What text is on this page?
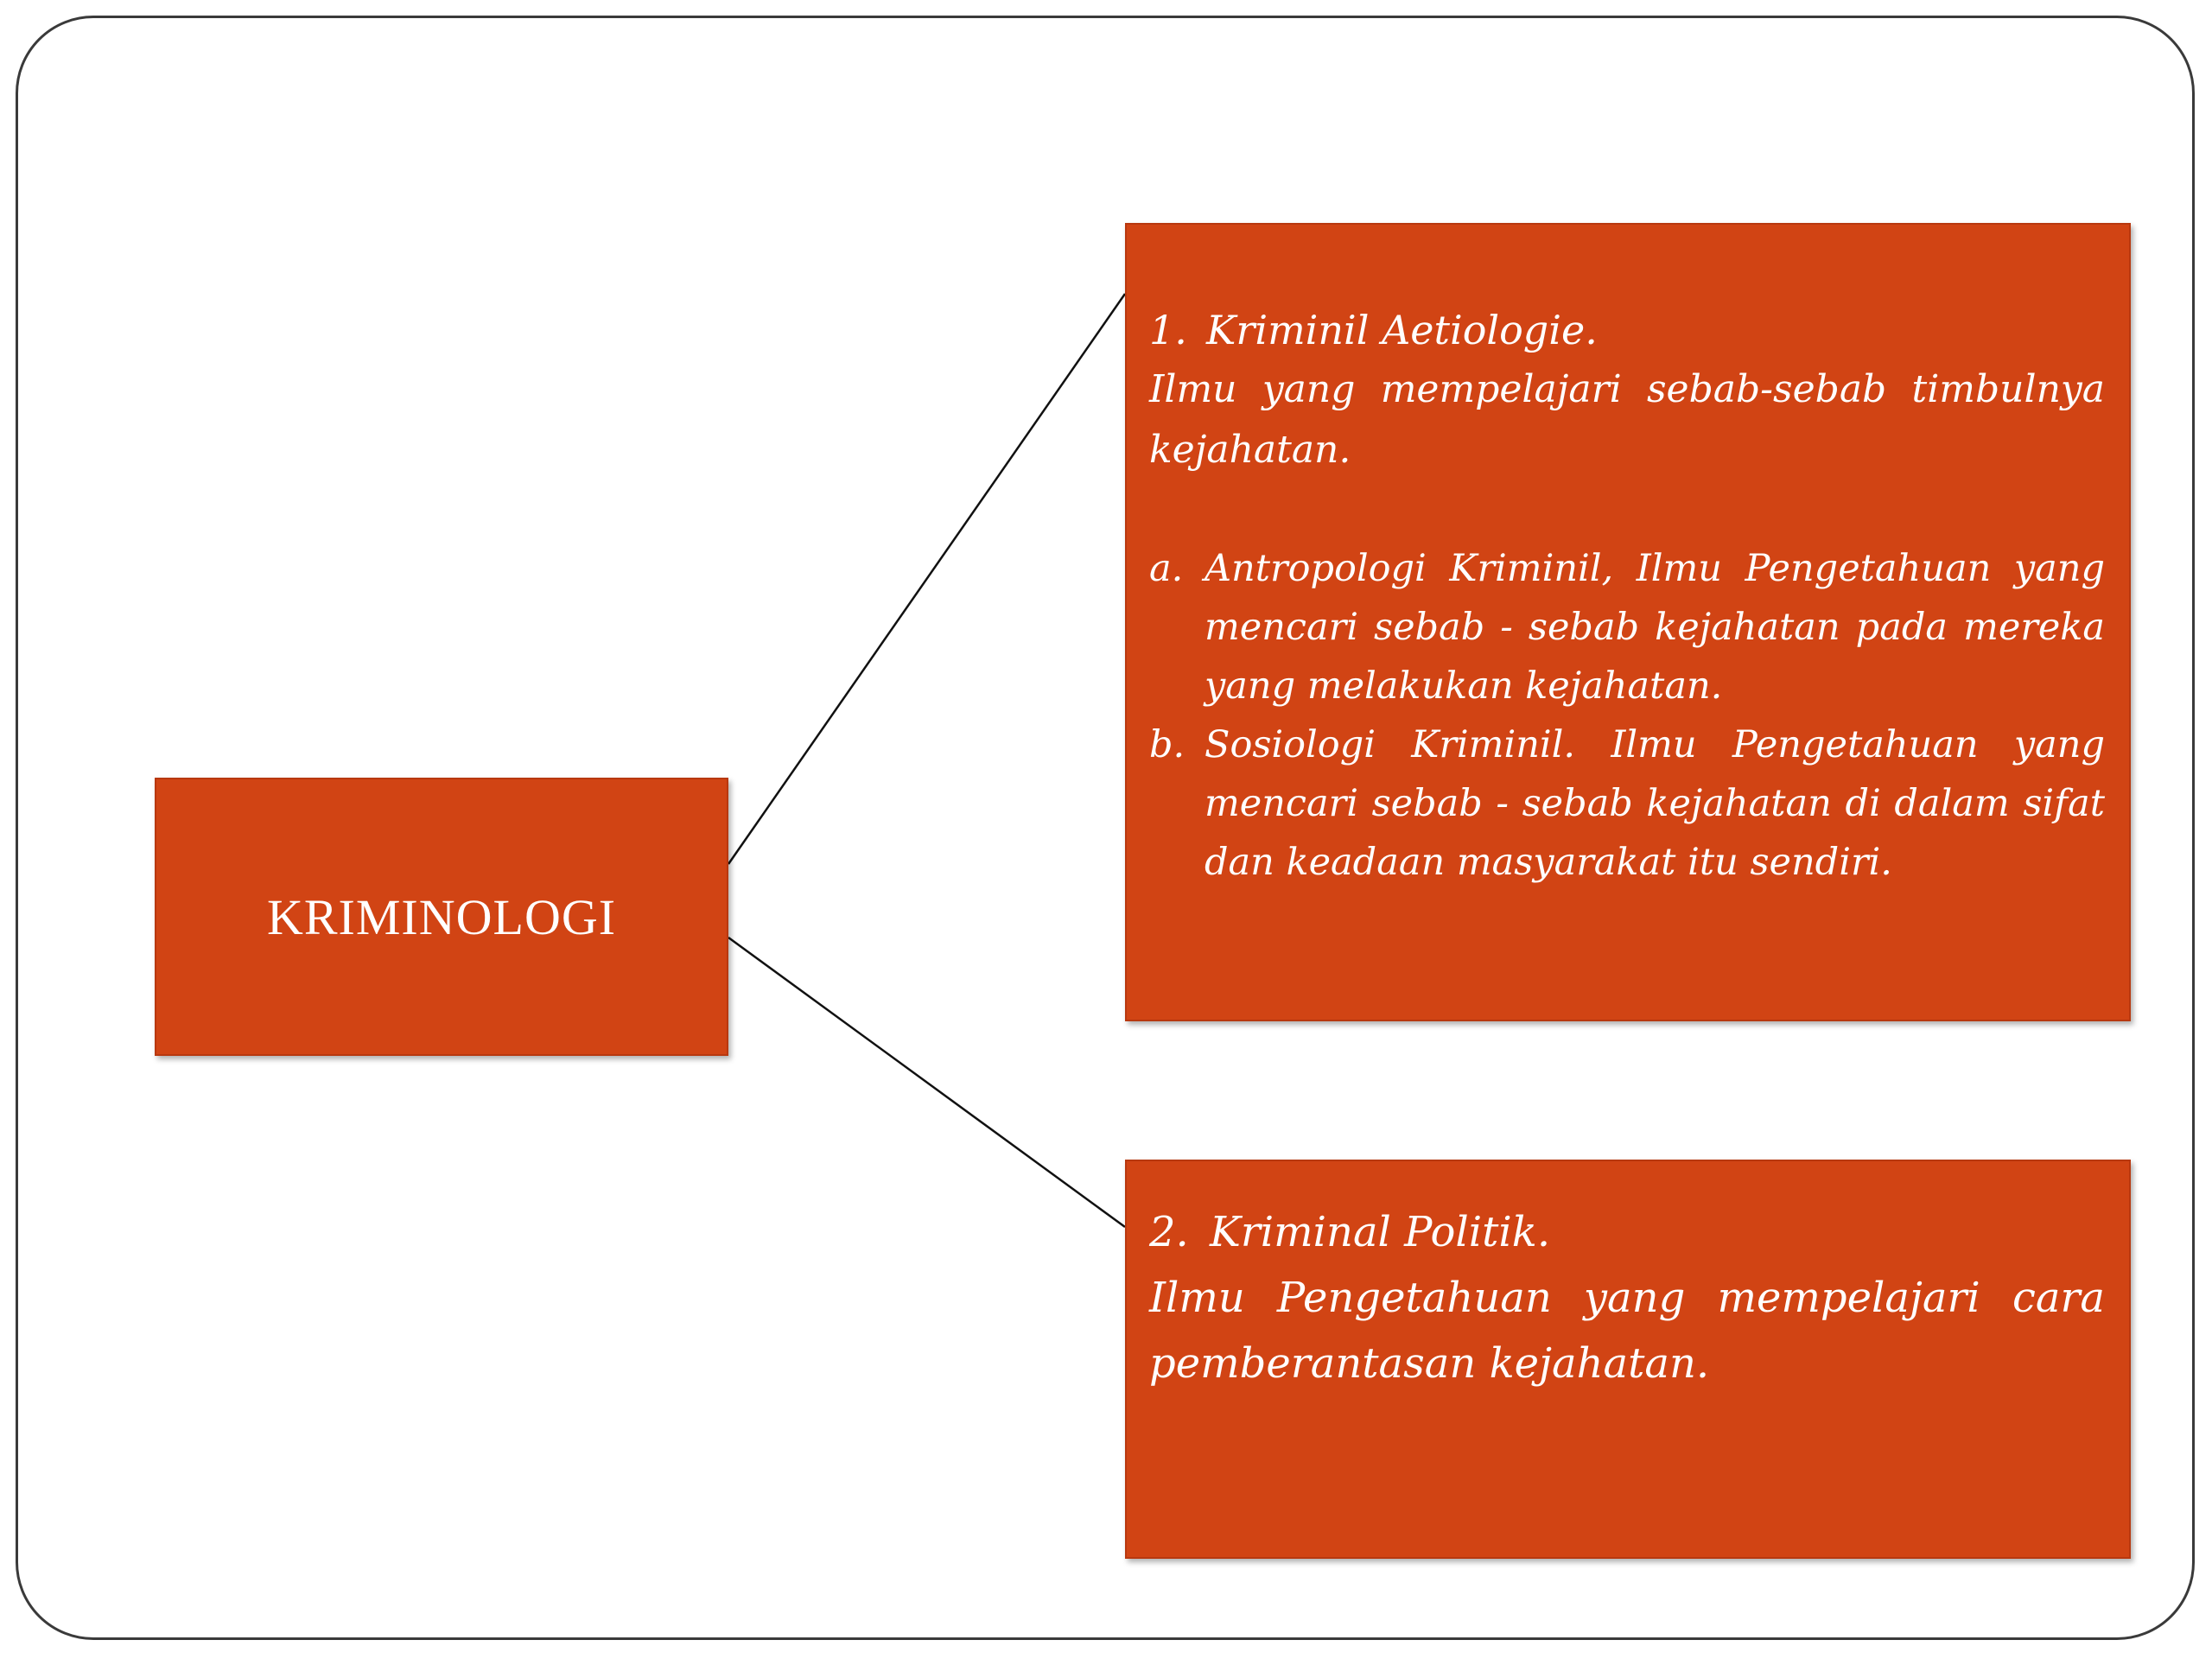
KRIMINOLOGI
1. Kriminil Aetiologie.

Ilmu yang mempelajari sebab-sebab timbulnya kejahatan.

a. Antropologi Kriminil, Ilmu Pengetahuan yang mencari sebab - sebab kejahatan pada mereka yang melakukan kejahatan.

b. Sosiologi Kriminil. Ilmu Pengetahuan yang mencari sebab - sebab kejahatan di dalam sifat dan keadaan masyarakat itu sendiri.

2. Kriminal Politik.

Ilmu Pengetahuan yang mempelajari cara pemberantasan kejahatan.
